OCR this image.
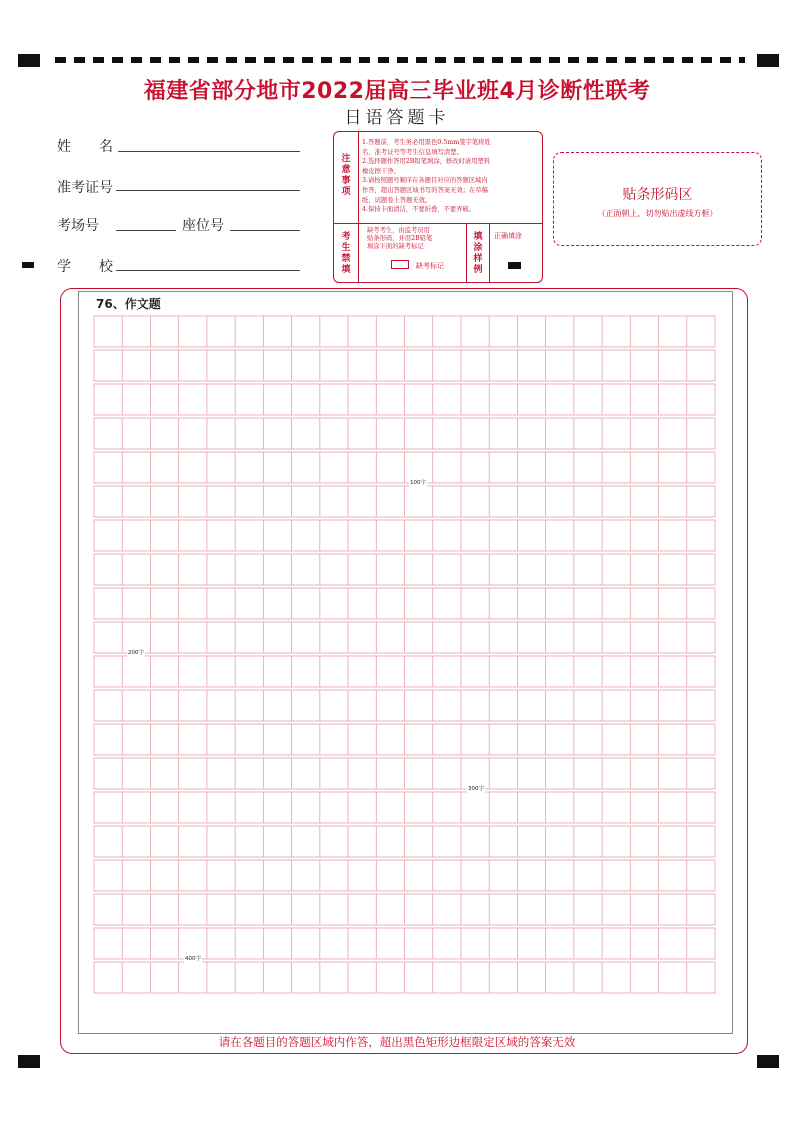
福建省部分地市2022届高三毕业班4月诊断性联考
日语答题卡
姓　　名
准考证号
考场号	座位号
学　　校
注意事项
1.答题前，考生务必用黑色0.5mm签字笔将姓
名、准考证号等考生信息填写清楚。
2.选择题作答用2B铅笔填涂，修改时请用塑料
橡皮擦干净。
3.请按照题号顺序在各题目对应的答题区域内
作答，超出答题区域书写的答案无效；在草稿
纸、试题卷上答题无效。
4.保持卡面清洁，不要折叠、不要弄破。
考生禁填
缺考考生，由监考员用
贴条形码，并用2B铅笔
填涂下面的缺考标记
缺考标记
填涂样例
正确填涂
贴条形码区
（正面朝上，切勿贴出虚线方框）
76、作文题
100字
200字
300字
400字
请在各题目的答题区域内作答，超出黑色矩形边框限定区域的答案无效
